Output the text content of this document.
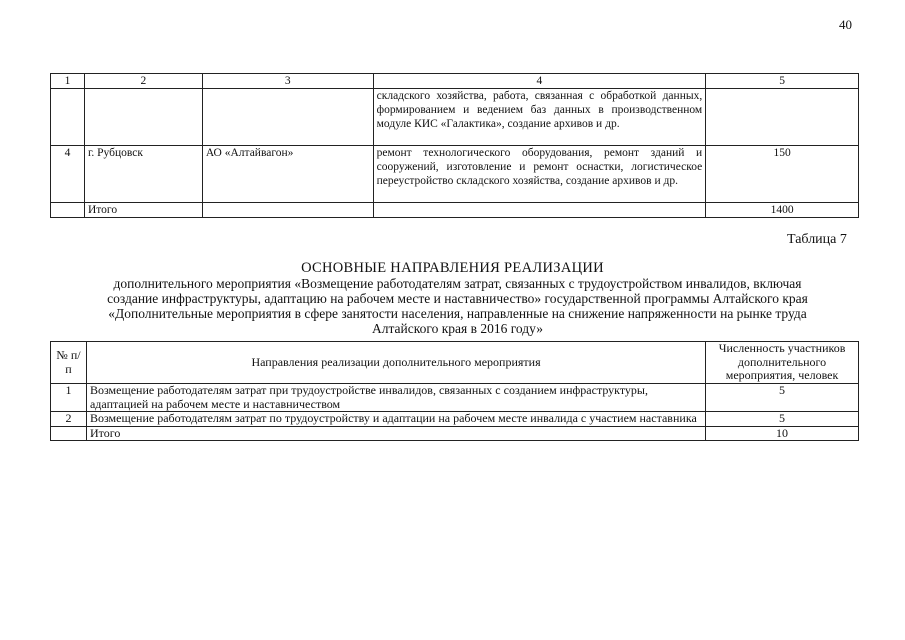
40
1	2	3	4	5
			складского хозяйства, работа, связанная с обработкой данных, формированием и ведением баз данных в производственном модуле КИС «Галактика», создание архивов и др.	
4	г. Рубцовск	АО «Алтайвагон»	ремонт технологического оборудования, ремонт зданий и сооружений, изготовление и ремонт оснастки, логистическое переустройство складского хозяйства, создание архивов и др.	150
	Итого			1400
Таблица 7
ОСНОВНЫЕ НАПРАВЛЕНИЯ РЕАЛИЗАЦИИ
дополнительного мероприятия «Возмещение работодателям затрат, связанных с трудоустройством инвалидов, включая создание инфраструктуры, адаптацию на рабочем месте и наставничество» государственной программы Алтайского края «Дополнительные мероприятия в сфере занятости населения, направленные на снижение напряженности на рынке труда Алтайского края в 2016 году»
№ п/п	Направления реализации дополнительного мероприятия	Численность участников дополнительного мероприятия, человек
1	Возмещение работодателям затрат при трудоустройстве инвалидов, связанных с созданием инфраструктуры, адаптацией на рабочем месте и наставничеством	5
2	Возмещение работодателям затрат по трудоустройству и адаптации на рабочем месте инвалида с участием наставника	5
	Итого	10
